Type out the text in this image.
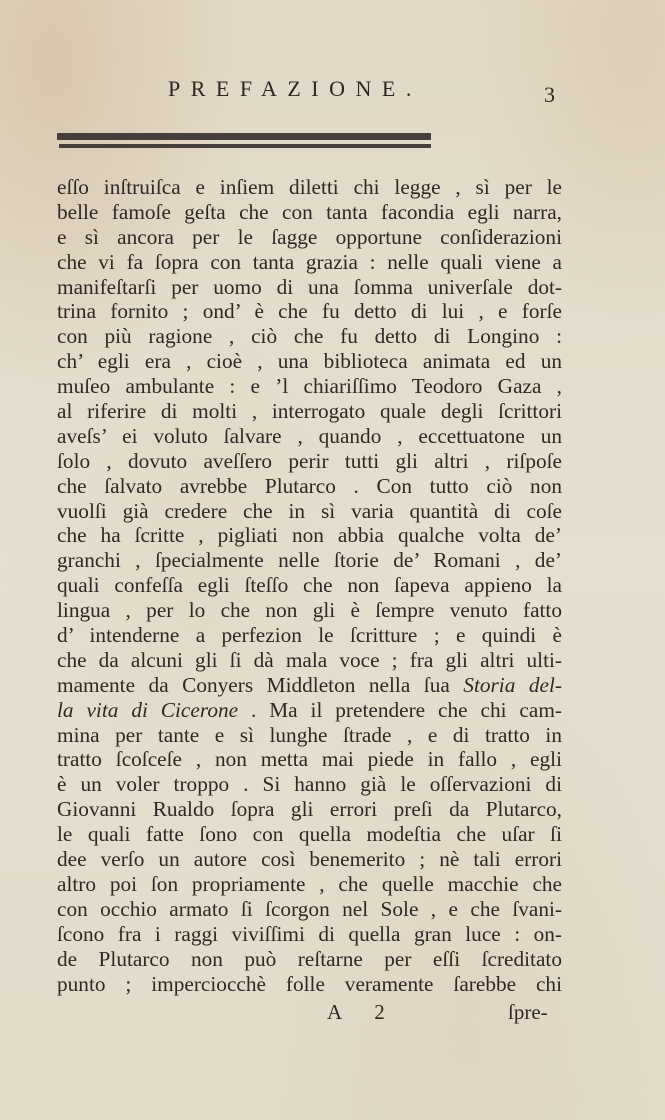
PREFAZIONE.	3
eſſo inſtruiſca e inſiem diletti chi legge , sì per le
belle famoſe geſta che con tanta facondia egli narra,
e sì ancora per le ſagge opportune conſiderazioni
che vi fa ſopra con tanta grazia : nelle quali viene a
manifeſtarſi per uomo di una ſomma univerſale dot-
trina fornito ; ond’ è che fu detto di lui , e forſe
con più ragione , ciò che fu detto di Longino :
ch’ egli era , cioè , una biblioteca animata ed un
muſeo ambulante : e ’l chiariſſimo Teodoro Gaza ,
al riferire di molti , interrogato quale degli ſcrittori
aveſs’ ei voluto ſalvare , quando , eccettuatone un
ſolo , dovuto aveſſero perir tutti gli altri , riſpoſe
che ſalvato avrebbe Plutarco . Con tutto ciò non
vuolſi già credere che in sì varia quantità di coſe
che ha ſcritte , pigliati non abbia qualche volta de’
granchi , ſpecialmente nelle ſtorie de’ Romani , de’
quali confeſſa egli ſteſſo che non ſapeva appieno la
lingua , per lo che non gli è ſempre venuto fatto
d’ intenderne a perfezion le ſcritture ; e quindi è
che da alcuni gli ſi dà mala voce ; fra gli altri ulti-
mamente da Conyers Middleton nella ſua Storia del-
la vita di Cicerone . Ma il pretendere che chi cam-
mina per tante e sì lunghe ſtrade , e di tratto in
tratto ſcoſceſe , non metta mai piede in fallo , egli
è un voler troppo . Si hanno già le oſſervazioni di
Giovanni Rualdo ſopra gli errori preſi da Plutarco,
le quali fatte ſono con quella modeſtia che uſar ſi
dee verſo un autore così benemerito ; nè tali errori
altro poi ſon propriamente , che quelle macchie che
con occhio armato ſi ſcorgon nel Sole , e che ſvani-
ſcono fra i raggi viviſſimi di quella gran luce : on-
de Plutarco non può reſtarne per eſſi ſcreditato
punto ; imperciocchè folle veramente ſarebbe chi
A 2	ſpre-
